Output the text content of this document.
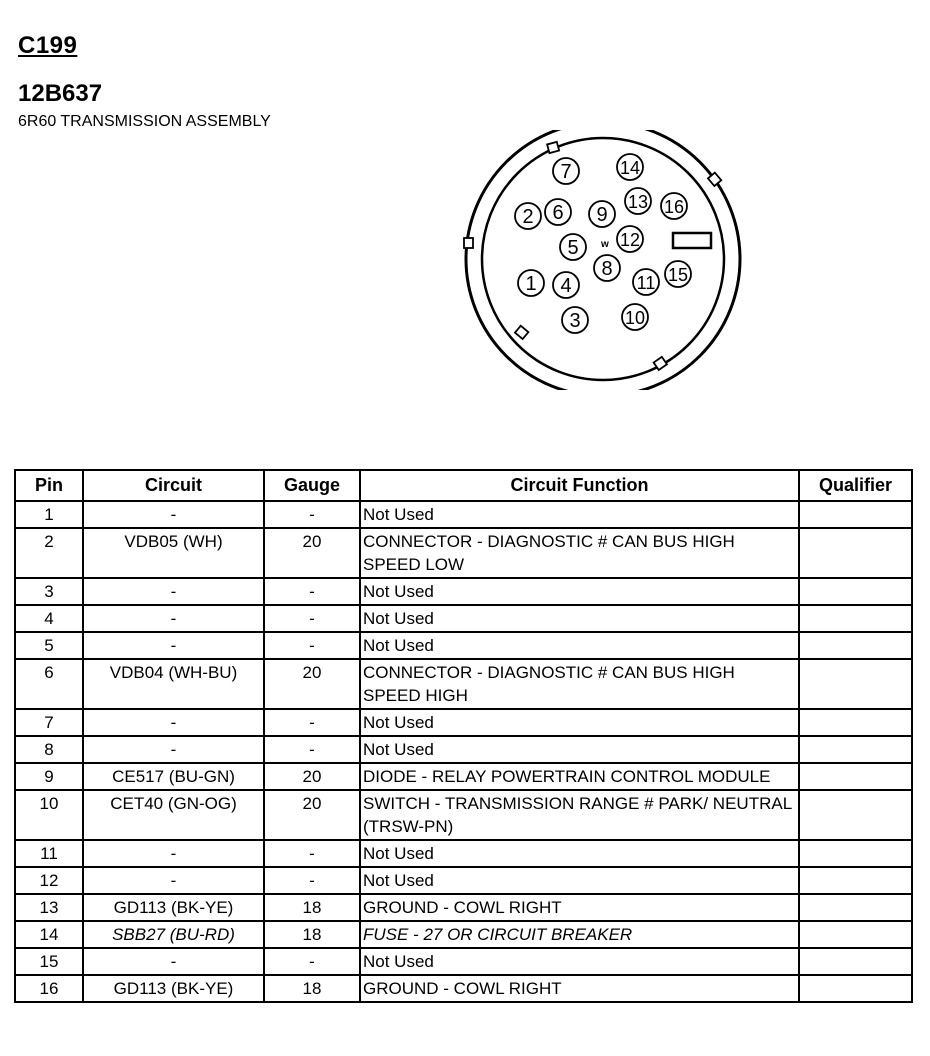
C199
12B637
6R60 TRANSMISSION ASSEMBLY
w
1
2
3
4
5
6
7
8
9
10
11
12
13
14
15
16
Pin	Circuit	Gauge	Circuit Function	Qualifier
1	-	-	Not Used	
2	VDB05 (WH)	20	CONNECTOR - DIAGNOSTIC # CAN BUS HIGH SPEED LOW	
3	-	-	Not Used	
4	-	-	Not Used	
5	-	-	Not Used	
6	VDB04 (WH-BU)	20	CONNECTOR - DIAGNOSTIC # CAN BUS HIGH SPEED HIGH	
7	-	-	Not Used	
8	-	-	Not Used	
9	CE517 (BU-GN)	20	DIODE - RELAY POWERTRAIN CONTROL MODULE	
10	CET40 (GN-OG)	20	SWITCH - TRANSMISSION RANGE # PARK/ NEUTRAL (TRSW-PN)	
11	-	-	Not Used	
12	-	-	Not Used	
13	GD113 (BK-YE)	18	GROUND - COWL RIGHT	
14	SBB27 (BU-RD)	18	FUSE - 27 OR CIRCUIT BREAKER	
15	-	-	Not Used	
16	GD113 (BK-YE)	18	GROUND - COWL RIGHT	
